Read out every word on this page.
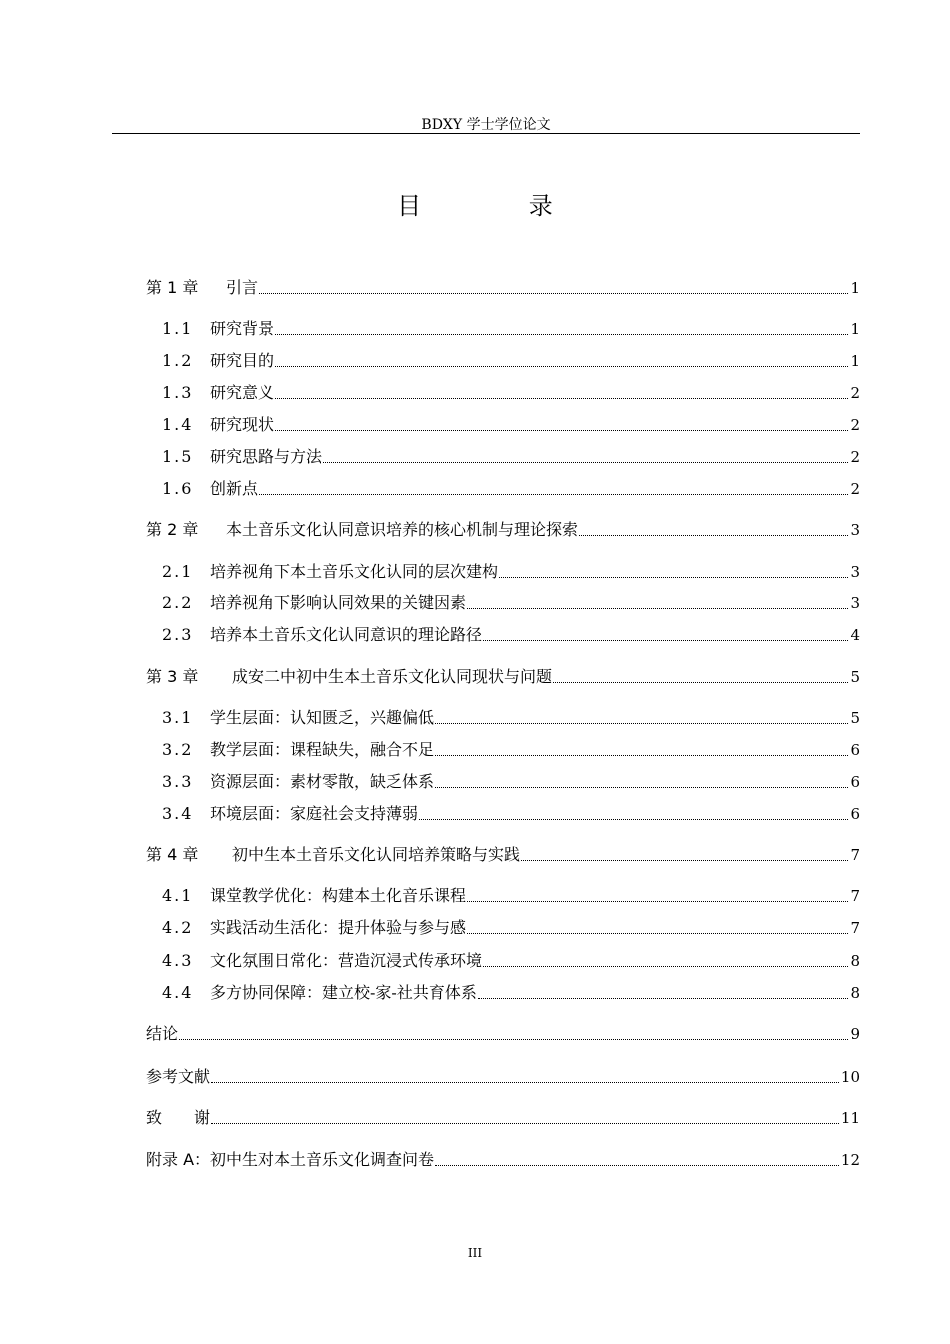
BDXY 学士学位论文
目 录
第 1 章 引言	1
1.1 研究背景	1
1.2 研究目的	1
1.3 研究意义	2
1.4 研究现状	2
1.5 研究思路与方法	2
1.6 创新点	2
第 2 章 本土音乐文化认同意识培养的核心机制与理论探索	3
2.1 培养视角下本土音乐文化认同的层次建构	3
2.2 培养视角下影响认同效果的关键因素	3
2.3 培养本土音乐文化认同意识的理论路径	4
第 3 章 成安二中初中生本土音乐文化认同现状与问题	5
3.1 学生层面：认知匮乏，兴趣偏低	5
3.2 教学层面：课程缺失，融合不足	6
3.3 资源层面：素材零散，缺乏体系	6
3.4 环境层面：家庭社会支持薄弱	6
第 4 章 初中生本土音乐文化认同培养策略与实践	7
4.1 课堂教学优化：构建本土化音乐课程	7
4.2 实践活动生活化：提升体验与参与感	7
4.3 文化氛围日常化：营造沉浸式传承环境	8
4.4 多方协同保障：建立校-家-社共育体系	8
结论	9
参考文献	10
致　　谢	11
附录 A：初中生对本土音乐文化调查问卷	12
III
